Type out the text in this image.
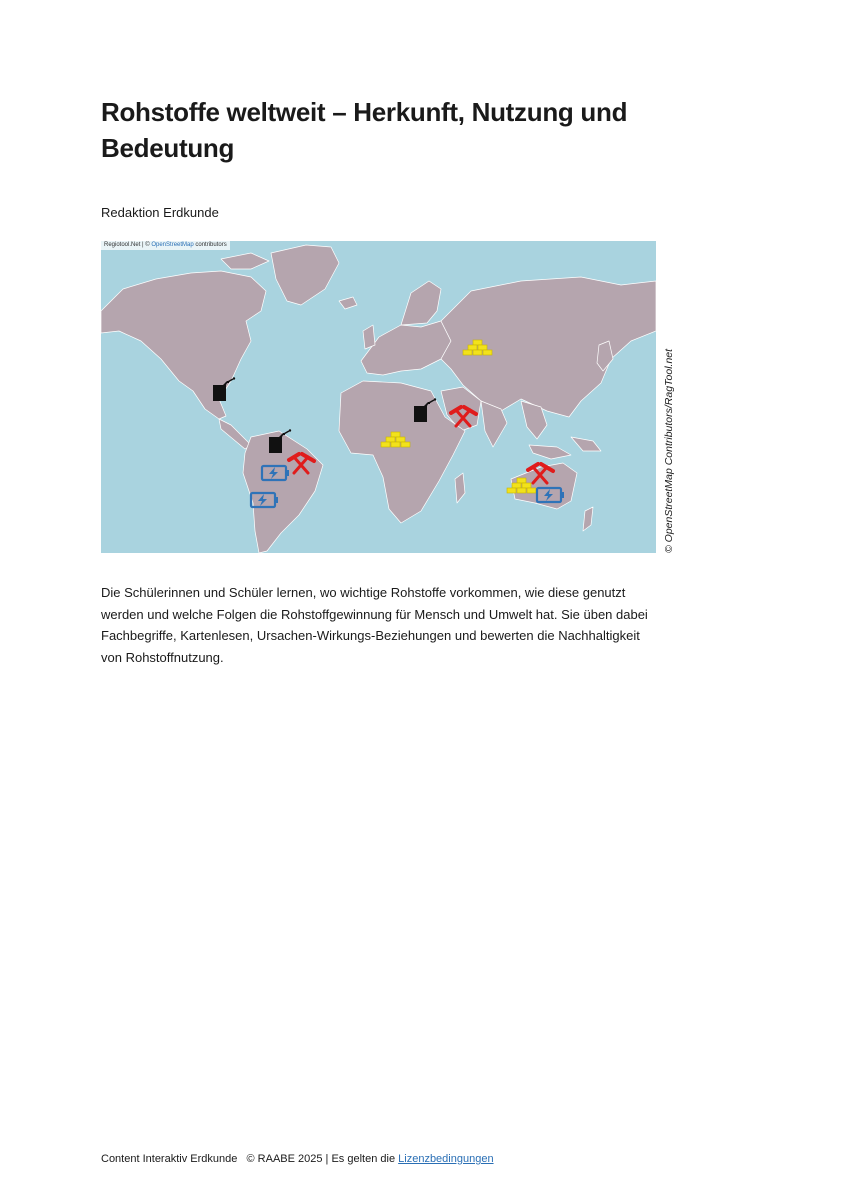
Rohstoffe weltweit – Herkunft, Nutzung und Bedeutung
Redaktion Erdkunde
Regiotool.Net | © OpenStreetMap contributors
© OpenStreetMap Contributors/RagTool.net

Die Schülerinnen und Schüler lernen, wo wichtige Rohstoffe vorkommen, wie diese genutzt werden und welche Folgen die Rohstoffgewinnung für Mensch und Umwelt hat. Sie üben dabei Fachbegriffe, Kartenlesen, Ursachen-Wirkungs-Beziehungen und bewerten die Nachhaltigkeit von Rohstoffnutzung.

Content Interaktiv Erdkunde   © RAABE 2025 | Es gelten die Lizenzbedingungen
